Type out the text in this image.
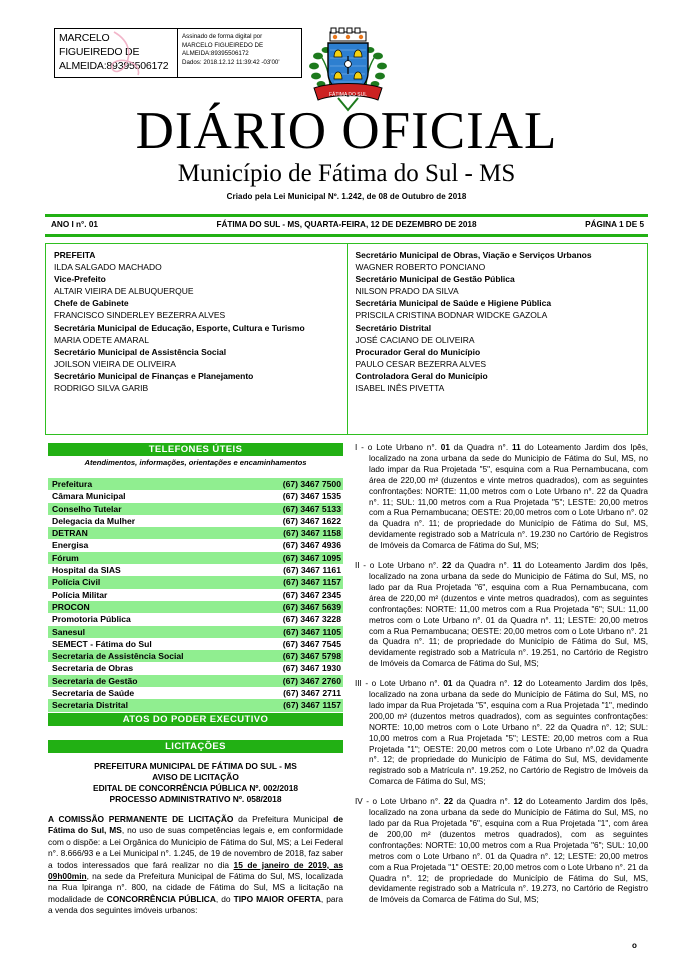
MARCELO FIGUEIREDO DE ALMEIDA:89395506172
Assinado de forma digital por
MARCELO FIGUEIREDO DE
ALMEIDA:89395506172
Dados: 2018.12.12 11:39:42 -03'00'
FÁTIMA DO SUL
DIÁRIO OFICIAL
Município de Fátima do Sul - MS
Criado pela Lei Municipal Nº. 1.242, de 08 de Outubro de 2018
ANO I n°. 01	FÁTIMA DO SUL - MS, QUARTA-FEIRA, 12 DE DEZEMBRO DE 2018	PÁGINA 1 DE 5
PREFEITA
ILDA SALGADO MACHADO
Vice-Prefeito
ALTAIR VIEIRA DE ALBUQUERQUE
Chefe de Gabinete
FRANCISCO SINDERLEY BEZERRA ALVES
Secretária Municipal de Educação, Esporte, Cultura e Turismo
MARIA ODETE AMARAL
Secretário Municipal de Assistência Social
JOILSON VIEIRA DE OLIVEIRA
Secretário Municipal de Finanças e Planejamento
RODRIGO SILVA GARIB
Secretário Municipal de Obras, Viação e Serviços Urbanos
WAGNER ROBERTO PONCIANO
Secretário Municipal de Gestão Pública
NILSON PRADO DA SILVA
Secretária Municipal de Saúde e Higiene Pública
PRISCILA CRISTINA BODNAR WIDCKE GAZOLA
Secretário Distrital
JOSÉ CACIANO DE OLIVEIRA
Procurador Geral do Município
PAULO CESAR BEZERRA ALVES
Controladora Geral do Município
ISABEL INÊS PIVETTA
TELEFONES ÚTEIS
Atendimentos, informações, orientações e encaminhamentos
Prefeitura	(67) 3467 7500
Câmara Municipal	(67) 3467 1535
Conselho Tutelar	(67) 3467 5133
Delegacia da Mulher	(67) 3467 1622
DETRAN	(67) 3467 1158
Energisa	(67) 3467 4936
Fórum	(67) 3467 1095
Hospital da SIAS	(67) 3467 1161
Polícia Civil	(67) 3467 1157
Polícia Militar	(67) 3467 2345
PROCON	(67) 3467 5639
Promotoria Pública	(67) 3467 3228
Sanesul	(67) 3467 1105
SEMECT - Fátima do Sul	(67) 3467 7545
Secretaria de Assistência Social	(67) 3467 5798
Secretaria de Obras	(67) 3467 1930
Secretaria de Gestão	(67) 3467 2760
Secretaria de Saúde	(67) 3467 2711
Secretaria Distrital	(67) 3467 1157
ATOS DO PODER EXECUTIVO
LICITAÇÕES
PREFEITURA MUNICIPAL DE FÁTIMA DO SUL - MS
AVISO DE LICITAÇÃO
EDITAL DE CONCORRÊNCIA PÚBLICA Nº. 002/2018
PROCESSO ADMINISTRATIVO Nº. 058/2018
A COMISSÃO PERMANENTE DE LICITAÇÃO da Prefeitura Municipal de Fátima do Sul, MS, no uso de suas competências legais e, em conformidade com o dispõe: a Lei Orgânica do Municipio de Fátima do Sul, MS; a Lei Federal n°. 8.666/93 e a Lei Municipal n°. 1.245, de 19 de novembro de 2018, faz saber a todos interessados que fará realizar no dia 15 de janeiro de 2019, as 09h00min, na sede da Prefeitura Municipal de Fátima do Sul, MS, localizada na Rua Ipiranga n°. 800, na cidade de Fátima do Sul, MS a licitação na modalidade de CONCORRÊNCIA PÚBLICA, do TIPO MAIOR OFERTA, para a venda dos seguintes imóveis urbanos:
I - o Lote Urbano n°. 01 da Quadra n°. 11 do Loteamento Jardim dos Ipês, localizado na zona urbana da sede do Municipio de Fátima do Sul, MS, no lado impar da Rua Projetada "5", esquina com a Rua Pernambucana, com área de 220,00 m² (duzentos e vinte metros quadrados), com as seguintes confrontações: NORTE: 11,00 metros com o Lote Urbano n°. 22 da Quadra n°. 11; SUL: 11,00 metros com a Rua Projetada "5"; LESTE: 20,00 metros com a Rua Pernambucana; OESTE: 20,00 metros com o Lote Urbano n°. 02 da Quadra n°. 11; de propriedade do Município de Fátima do Sul, MS, devidamente registrado sob a Matrícula n°. 19.230 no Cartório de Registros de Imóveis da Comarca de Fátima do Sul, MS;
II - o Lote Urbano n°. 22 da Quadra n°. 11 do Loteamento Jardim dos Ipês, localizado na zona urbana da sede do Municipio de Fátima do Sul, MS, no lado par da Rua Projetada "6", esquina com a Rua Pernambucana, com área de 220,00 m² (duzentos e vinte metros quadrados), com as seguintes confrontações: NORTE: 11,00 metros com a Rua Projetada "6"; SUL: 11,00 metros com o Lote Urbano n°. 01 da Quadra n°. 11; LESTE: 20,00 metros com a Rua Pernambucana; OESTE: 20,00 metros com o Lote Urbano n°. 21 da Quadra n°. 11; de propriedade do Município de Fátima do Sul, MS, devidamente registrado sob a Matrícula n°. 19.251, no Cartório de Registro de Imóveis da Comarca de Fátima do Sul, MS;
III - o Lote Urbano n°. 01 da Quadra n°. 12 do Loteamento Jardim dos Ipês, localizado na zona urbana da sede do Município de Fátima do Sul, MS, no lado impar da Rua Projetada "5", esquina com a Rua Projetada "1", medindo 200,00 m² (duzentos metros quadrados), com as seguintes confrontações: NORTE: 10,00 metros com o Lote Urbano n°. 22 da Quadra n°. 12; SUL: 10,00 metros com a Rua Projetada "5"; LESTE: 20,00 metros com a Rua Projetada "1"; OESTE: 20,00 metros com o Lote Urbano n°.02 da Quadra n°. 12; de propriedade do Município de Fátima do Sul, MS, devidamente registrado sob a Matrícula n°. 19.252, no Cartório de Registro de Imóveis da Comarca de Fátima do Sul, MS;
IV - o Lote Urbano n°. 22 da Quadra n°. 12 do Loteamento Jardim dos Ipês, localizado na zona urbana da sede do Município de Fátima do Sul, MS, no lado par da Rua Projetada "6", esquina com a Rua Projetada "1", com área de 200,00 m² (duzentos metros quadrados), com as seguintes confrontações: NORTE: 10,00 metros com a Rua Projetada "6"; SUL: 10,00 metros com o Lote Urbano n°. 01 da Quadra n°. 12; LESTE: 20,00 metros com a Rua Projetada "1" OESTE: 20,00 metros com o Lote Urbano n°. 21 da Quadra n°. 12; de propriedade do Município de Fátima do Sul, MS, devidamente registrado sob a Matrícula n°. 19.273, no Cartório de Registro de Imóveis da Comarca de Fátima do Sul, MS;
o
